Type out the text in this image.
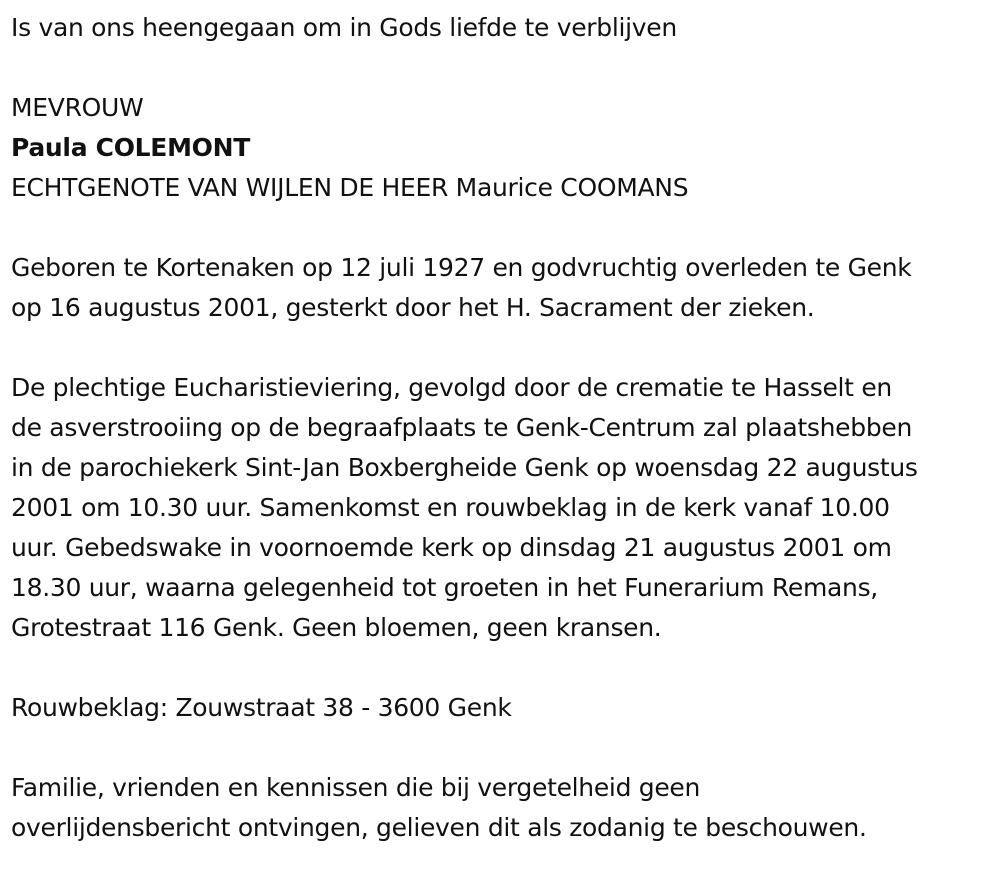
Is van ons heengegaan om in Gods liefde te verblijven
MEVROUW
Paula COLEMONT
ECHTGENOTE VAN WIJLEN DE HEER Maurice COOMANS
Geboren te Kortenaken op 12 juli 1927 en godvruchtig overleden te Genk
op 16 augustus 2001, gesterkt door het H. Sacrament der zieken.
De plechtige Eucharistieviering, gevolgd door de crematie te Hasselt en
de asverstrooiing op de begraafplaats te Genk-Centrum zal plaatshebben
in de parochiekerk Sint-Jan Boxbergheide Genk op woensdag 22 augustus
2001 om 10.30 uur. Samenkomst en rouwbeklag in de kerk vanaf 10.00
uur. Gebedswake in voornoemde kerk op dinsdag 21 augustus 2001 om
18.30 uur, waarna gelegenheid tot groeten in het Funerarium Remans,
Grotestraat 116 Genk. Geen bloemen, geen kransen.
Rouwbeklag: Zouwstraat 38 - 3600 Genk
Familie, vrienden en kennissen die bij vergetelheid geen
overlijdensbericht ontvingen, gelieven dit als zodanig te beschouwen.
